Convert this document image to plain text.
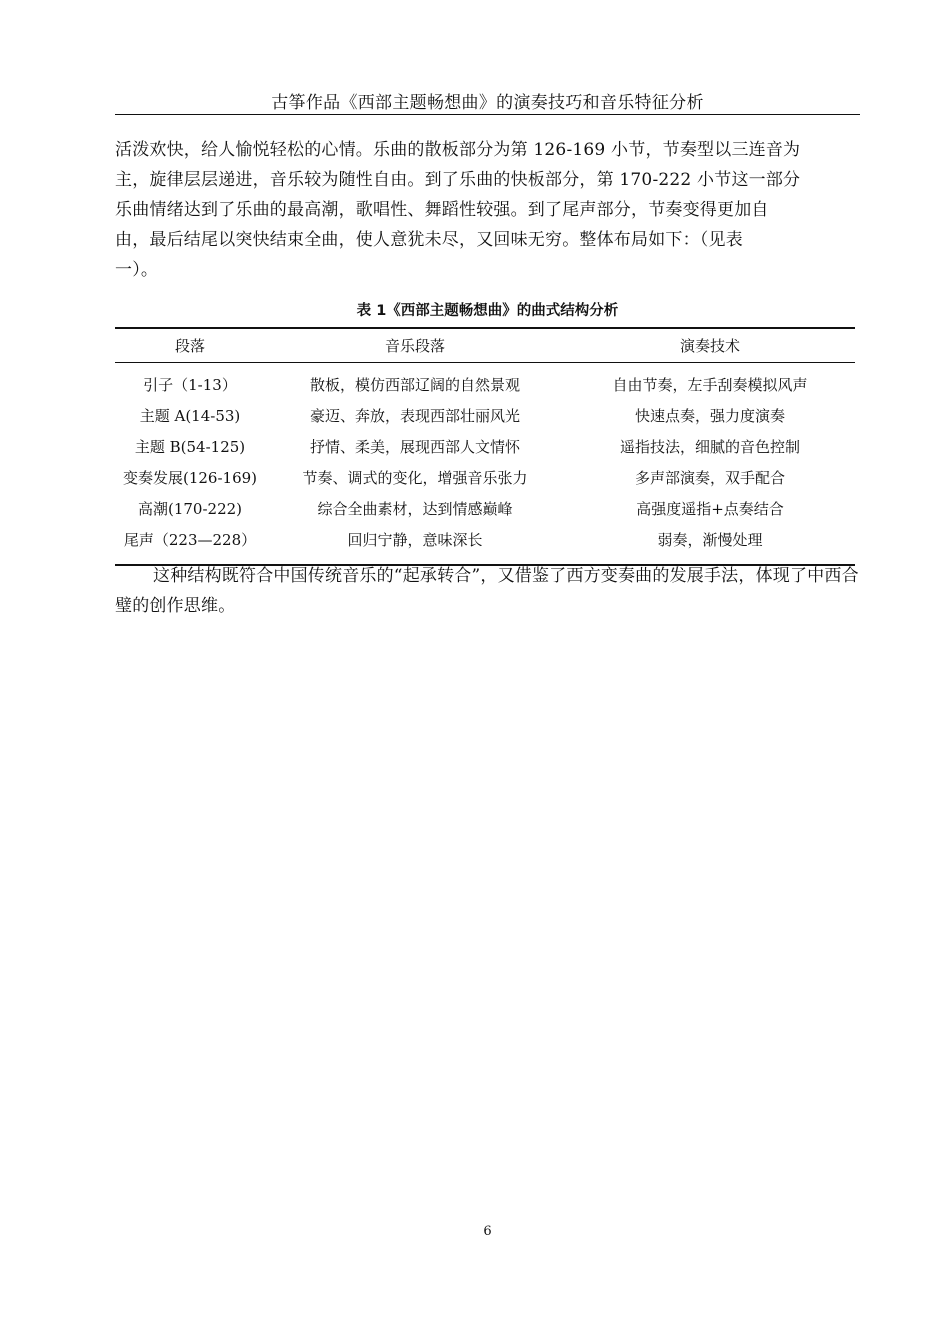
古筝作品《西部主题畅想曲》的演奏技巧和音乐特征分析
活泼欢快，给人愉悦轻松的心情。乐曲的散板部分为第 126-169 小节，节奏型以三连音为
主，旋律层层递进，音乐较为随性自由。到了乐曲的快板部分，第 170-222 小节这一部分
乐曲情绪达到了乐曲的最高潮，歌唱性、舞蹈性较强。到了尾声部分，节奏变得更加自
由，最后结尾以突快结束全曲，使人意犹未尽，又回味无穷。整体布局如下：（见表
一）。
表 1《西部主题畅想曲》的曲式结构分析
段落	音乐段落	演奏技术
引子（1-13）	散板，模仿西部辽阔的自然景观	自由节奏，左手刮奏模拟风声
主题 A(14-53)	豪迈、奔放，表现西部壮丽风光	快速点奏，强力度演奏
主题 B(54-125)	抒情、柔美，展现西部人文情怀	遥指技法，细腻的音色控制
变奏发展(126-169)	节奏、调式的变化，增强音乐张力	多声部演奏，双手配合
高潮(170-222)	综合全曲素材，达到情感巅峰	高强度遥指+点奏结合
尾声（223—228）	回归宁静，意味深长	弱奏，渐慢处理
这种结构既符合中国传统音乐的“起承转合”，又借鉴了西方变奏曲的发展手法，体现了中西合璧的创作思维。
6
